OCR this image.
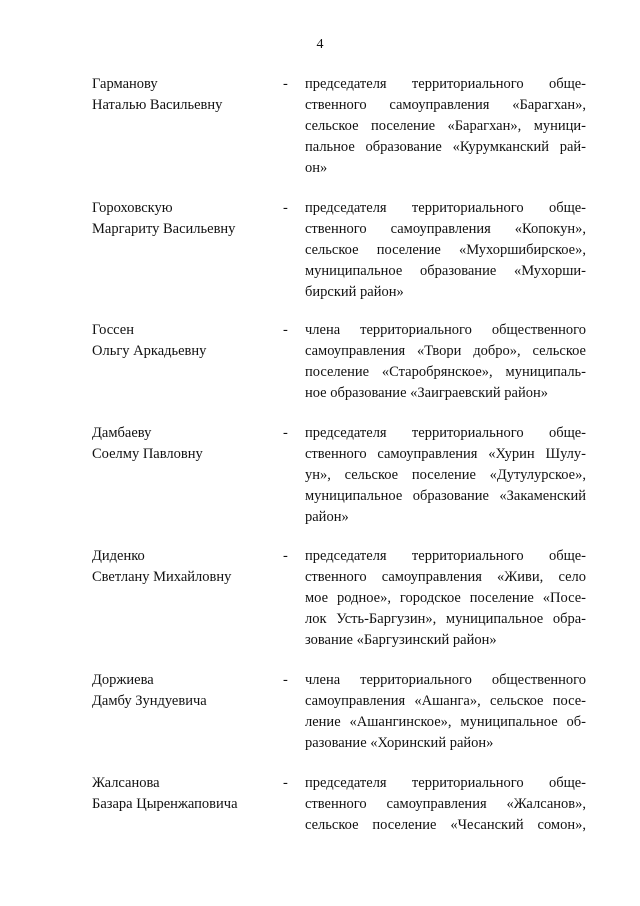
4
Гарманову
Наталью Васильевну
- председателя территориального обще-
ственного самоуправления «Барагхан»,
сельское поселение «Барагхан», муници-
пальное образование «Курумканский рай-
он»
Гороховскую
Маргариту Васильевну
- председателя территориального обще-
ственного самоуправления «Копокун»,
сельское поселение «Мухоршибирское»,
муниципальное образование «Мухорши-
бирский район»
Госсен
Ольгу Аркадьевну
- члена территориального общественного
самоуправления «Твори добро», сельское
поселение «Старобрянское», муниципаль-
ное образование «Заиграевский район»
Дамбаеву
Соелму Павловну
- председателя территориального обще-
ственного самоуправления «Хурин Шулу-
ун», сельское поселение «Дутулурское»,
муниципальное образование «Закаменский
район»
Диденко
Светлану Михайловну
- председателя территориального обще-
ственного самоуправления «Живи, село
мое родное», городское поселение «Посе-
лок Усть-Баргузин», муниципальное обра-
зование «Баргузинский район»
Доржиева
Дамбу Зундуевича
- члена территориального общественного
самоуправления «Ашанга», сельское посе-
ление «Ашангинское», муниципальное об-
разование «Хоринский район»
Жалсанова
Базара Цыренжаповича
- председателя территориального обще-
ственного самоуправления «Жалсанов»,
сельское поселение «Чесанский сомон»,
